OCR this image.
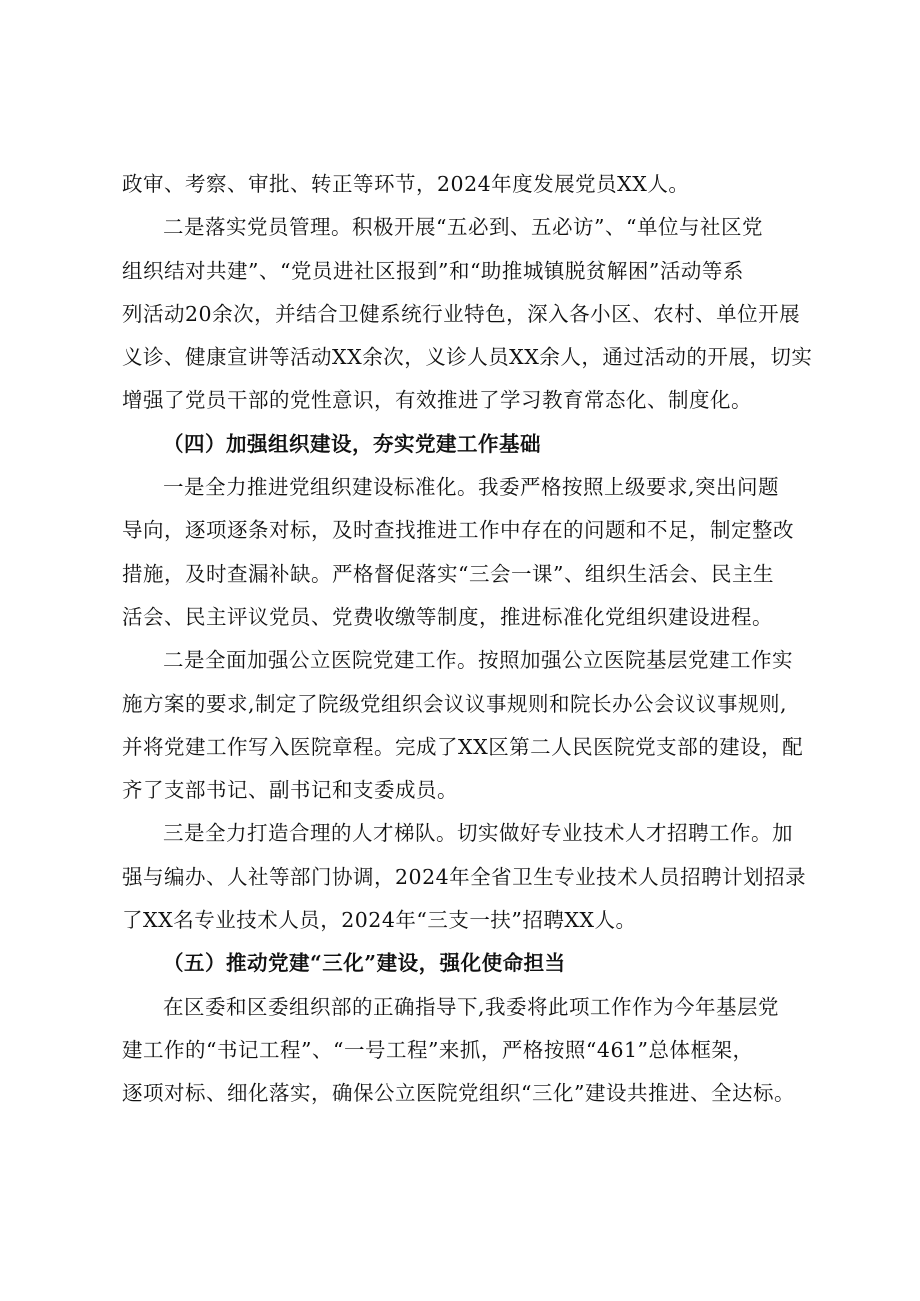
政审、考察、审批、转正等环节，2024年度发展党员XX人。

二是落实党员管理。积极开展“五必到、五必访”、“单位与社区党
组织结对共建”、“党员进社区报到”和“助推城镇脱贫解困”活动等系
列活动20余次，并结合卫健系统行业特色，深入各小区、农村、单位开展
义诊、健康宣讲等活动XX余次，义诊人员XX余人，通过活动的开展，切实
增强了党员干部的党性意识，有效推进了学习教育常态化、制度化。

（四）加强组织建设，夯实党建工作基础

一是全力推进党组织建设标准化。我委严格按照上级要求,突出问题
导向，逐项逐条对标，及时查找推进工作中存在的问题和不足，制定整改
措施，及时查漏补缺。严格督促落实“三会一课”、组织生活会、民主生
活会、民主评议党员、党费收缴等制度，推进标准化党组织建设进程。

二是全面加强公立医院党建工作。按照加强公立医院基层党建工作实
施方案的要求,制定了院级党组织会议议事规则和院长办公会议议事规则,
并将党建工作写入医院章程。完成了XX区第二人民医院党支部的建设，配
齐了支部书记、副书记和支委成员。

三是全力打造合理的人才梯队。切实做好专业技术人才招聘工作。加
强与编办、人社等部门协调，2024年全省卫生专业技术人员招聘计划招录
了XX名专业技术人员，2024年“三支一扶”招聘XX人。

（五）推动党建“三化”建设，强化使命担当

在区委和区委组织部的正确指导下,我委将此项工作作为今年基层党
建工作的“书记工程”、“一号工程”来抓，严格按照“461”总体框架，
逐项对标、细化落实，确保公立医院党组织“三化”建设共推进、全达标。
